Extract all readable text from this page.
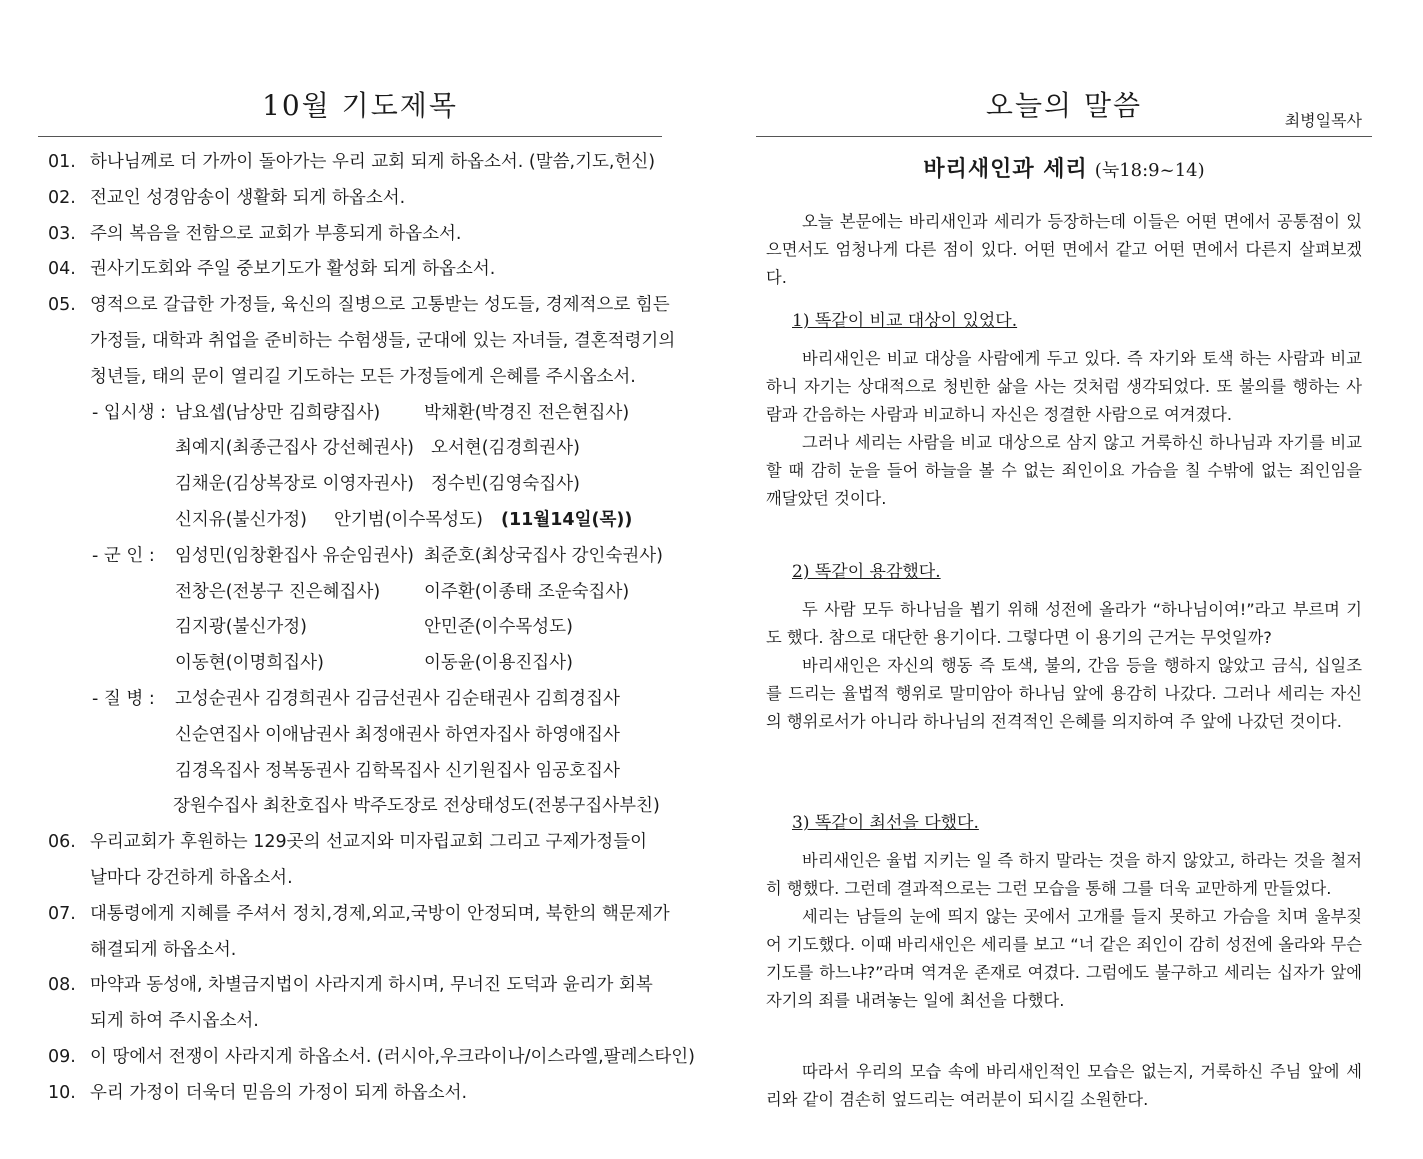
10월 기도제목
01. 하나님께로 더 가까이 돌아가는 우리 교회 되게 하옵소서. (말씀,기도,헌신)
02. 전교인 성경암송이 생활화 되게 하옵소서.
03. 주의 복음을 전함으로 교회가 부흥되게 하옵소서.
04. 권사기도회와 주일 중보기도가 활성화 되게 하옵소서.
05. 영적으로 갈급한 가정들, 육신의 질병으로 고통받는 성도들, 경제적으로 힘든
가정들, 대학과 취업을 준비하는 수험생들, 군대에 있는 자녀들, 결혼적령기의
청년들, 태의 문이 열리길 기도하는 모든 가정들에게 은혜를 주시옵소서.
- 입시생 : 남요셉(남상만 김희량집사)	박채환(박경진 전은현집사)
최예지(최종근집사 강선혜권사) 오서현(김경희권사)
김채운(김상복장로 이영자권사) 정수빈(김영숙집사)
신지유(불신가정) 안기범(이수목성도) (11월14일(목))
- 군 인 : 임성민(임창환집사 유순임권사) 최준호(최상국집사 강인숙권사)
전창은(전봉구 진은혜집사)	이주환(이종태 조운숙집사)
김지광(불신가정)	안민준(이수목성도)
이동현(이명희집사)	이동윤(이용진집사)
- 질 병 : 고성순권사 김경희권사 김금선권사 김순태권사 김희경집사
신순연집사 이애남권사 최정애권사 하연자집사 하영애집사
김경옥집사 정복동권사 김학목집사 신기원집사 임공호집사
장원수집사 최찬호집사 박주도장로 전상태성도(전봉구집사부친)
06. 우리교회가 후원하는 129곳의 선교지와 미자립교회 그리고 구제가정들이
날마다 강건하게 하옵소서.
07. 대통령에게 지혜를 주셔서 정치,경제,외교,국방이 안정되며, 북한의 핵문제가
해결되게 하옵소서.
08. 마약과 동성애, 차별금지법이 사라지게 하시며, 무너진 도덕과 윤리가 회복
되게 하여 주시옵소서.
09. 이 땅에서 전쟁이 사라지게 하옵소서. (러시아,우크라이나/이스라엘,팔레스타인)
10. 우리 가정이 더욱더 믿음의 가정이 되게 하옵소서.
오늘의 말씀	최병일목사
바리새인과 세리 (눅18:9~14)

오늘 본문에는 바리새인과 세리가 등장하는데 이들은 어떤 면에서 공통점이 있으면서도 엄청나게 다른 점이 있다. 어떤 면에서 같고 어떤 면에서 다른지 살펴보겠다.

1) 똑같이 비교 대상이 있었다.

바리새인은 비교 대상을 사람에게 두고 있다. 즉 자기와 토색 하는 사람과 비교하니 자기는 상대적으로 청빈한 삶을 사는 것처럼 생각되었다. 또 불의를 행하는 사람과 간음하는 사람과 비교하니 자신은 정결한 사람으로 여겨졌다.

그러나 세리는 사람을 비교 대상으로 삼지 않고 거룩하신 하나님과 자기를 비교할 때 감히 눈을 들어 하늘을 볼 수 없는 죄인이요 가슴을 칠 수밖에 없는 죄인임을 깨달았던 것이다.

2) 똑같이 용감했다.

두 사람 모두 하나님을 뵙기 위해 성전에 올라가 “하나님이여!”라고 부르며 기도 했다. 참으로 대단한 용기이다. 그렇다면 이 용기의 근거는 무엇일까?

바리새인은 자신의 행동 즉 토색, 불의, 간음 등을 행하지 않았고 금식, 십일조를 드리는 율법적 행위로 말미암아 하나님 앞에 용감히 나갔다. 그러나 세리는 자신의 행위로서가 아니라 하나님의 전격적인 은혜를 의지하여 주 앞에 나갔던 것이다.

3) 똑같이 최선을 다했다.

바리새인은 율법 지키는 일 즉 하지 말라는 것을 하지 않았고, 하라는 것을 철저히 행했다. 그런데 결과적으로는 그런 모습을 통해 그를 더욱 교만하게 만들었다.

세리는 남들의 눈에 띄지 않는 곳에서 고개를 들지 못하고 가슴을 치며 울부짖어 기도했다. 이때 바리새인은 세리를 보고 “너 같은 죄인이 감히 성전에 올라와 무슨 기도를 하느냐?”라며 역겨운 존재로 여겼다. 그럼에도 불구하고 세리는 십자가 앞에 자기의 죄를 내려놓는 일에 최선을 다했다.

따라서 우리의 모습 속에 바리새인적인 모습은 없는지, 거룩하신 주님 앞에 세리와 같이 겸손히 엎드리는 여러분이 되시길 소원한다.
